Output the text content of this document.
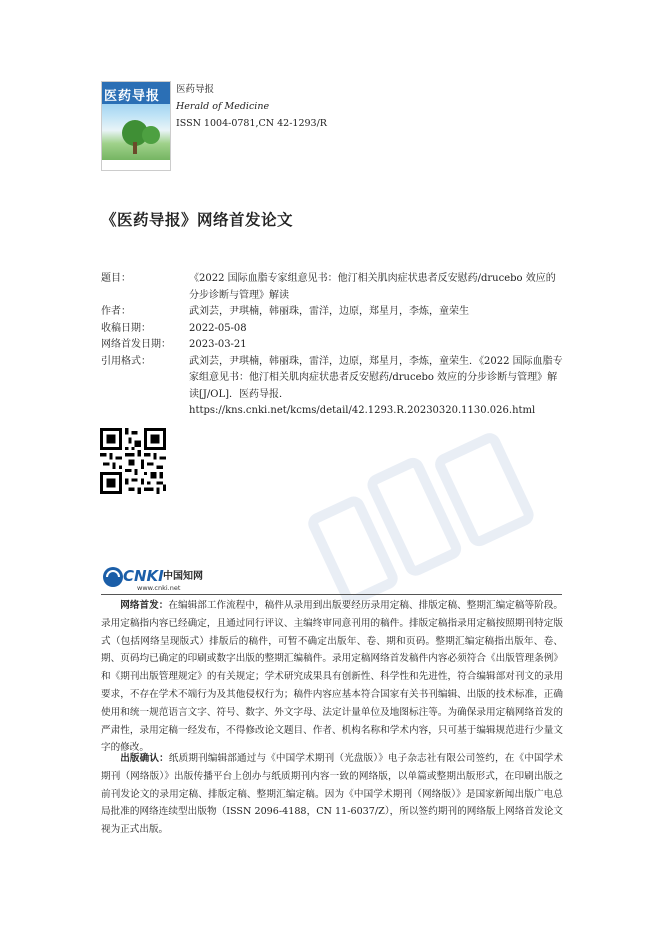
医药导报 医药导报
Herald of Medicine
ISSN 1004-0781,CN 42-1293/R
《医药导报》网络首发论文
题目：	《2022 国际血脂专家组意见书：他汀相关肌肉症状患者反安慰药/drucebo 效应的分步诊断与管理》解读
作者：	武刘芸，尹琪楠，韩丽珠，雷洋，边原，郑星月，李炼，童荣生
收稿日期：	2022-05-08
网络首发日期：	2023-03-21
引用格式：	武刘芸，尹琪楠，韩丽珠，雷洋，边原，郑星月，李炼，童荣生．《2022 国际血脂专家组意见书：他汀相关肌肉症状患者反安慰药/drucebo 效应的分步诊断与管理》解读[J/OL]．医药导报．
https://kns.cnki.net/kcms/detail/42.1293.R.20230320.1130.026.html
CNKI 中国知网
www.cnki.net

网络首发：在编辑部工作流程中，稿件从录用到出版要经历录用定稿、排版定稿、整期汇编定稿等阶段。录用定稿指内容已经确定，且通过同行评议、主编终审同意刊用的稿件。排版定稿指录用定稿按照期刊特定版式（包括网络呈现版式）排版后的稿件，可暂不确定出版年、卷、期和页码。整期汇编定稿指出版年、卷、期、页码均已确定的印刷或数字出版的整期汇编稿件。录用定稿网络首发稿件内容必须符合《出版管理条例》和《期刊出版管理规定》的有关规定；学术研究成果具有创新性、科学性和先进性，符合编辑部对刊文的录用要求，不存在学术不端行为及其他侵权行为；稿件内容应基本符合国家有关书刊编辑、出版的技术标准，正确使用和统一规范语言文字、符号、数字、外文字母、法定计量单位及地图标注等。为确保录用定稿网络首发的严肃性，录用定稿一经发布，不得修改论文题目、作者、机构名称和学术内容，只可基于编辑规范进行少量文字的修改。

出版确认：纸质期刊编辑部通过与《中国学术期刊（光盘版）》电子杂志社有限公司签约，在《中国学术期刊（网络版）》出版传播平台上创办与纸质期刊内容一致的网络版，以单篇或整期出版形式，在印刷出版之前刊发论文的录用定稿、排版定稿、整期汇编定稿。因为《中国学术期刊（网络版）》是国家新闻出版广电总局批准的网络连续型出版物（ISSN 2096-4188，CN 11-6037/Z），所以签约期刊的网络版上网络首发论文视为正式出版。
